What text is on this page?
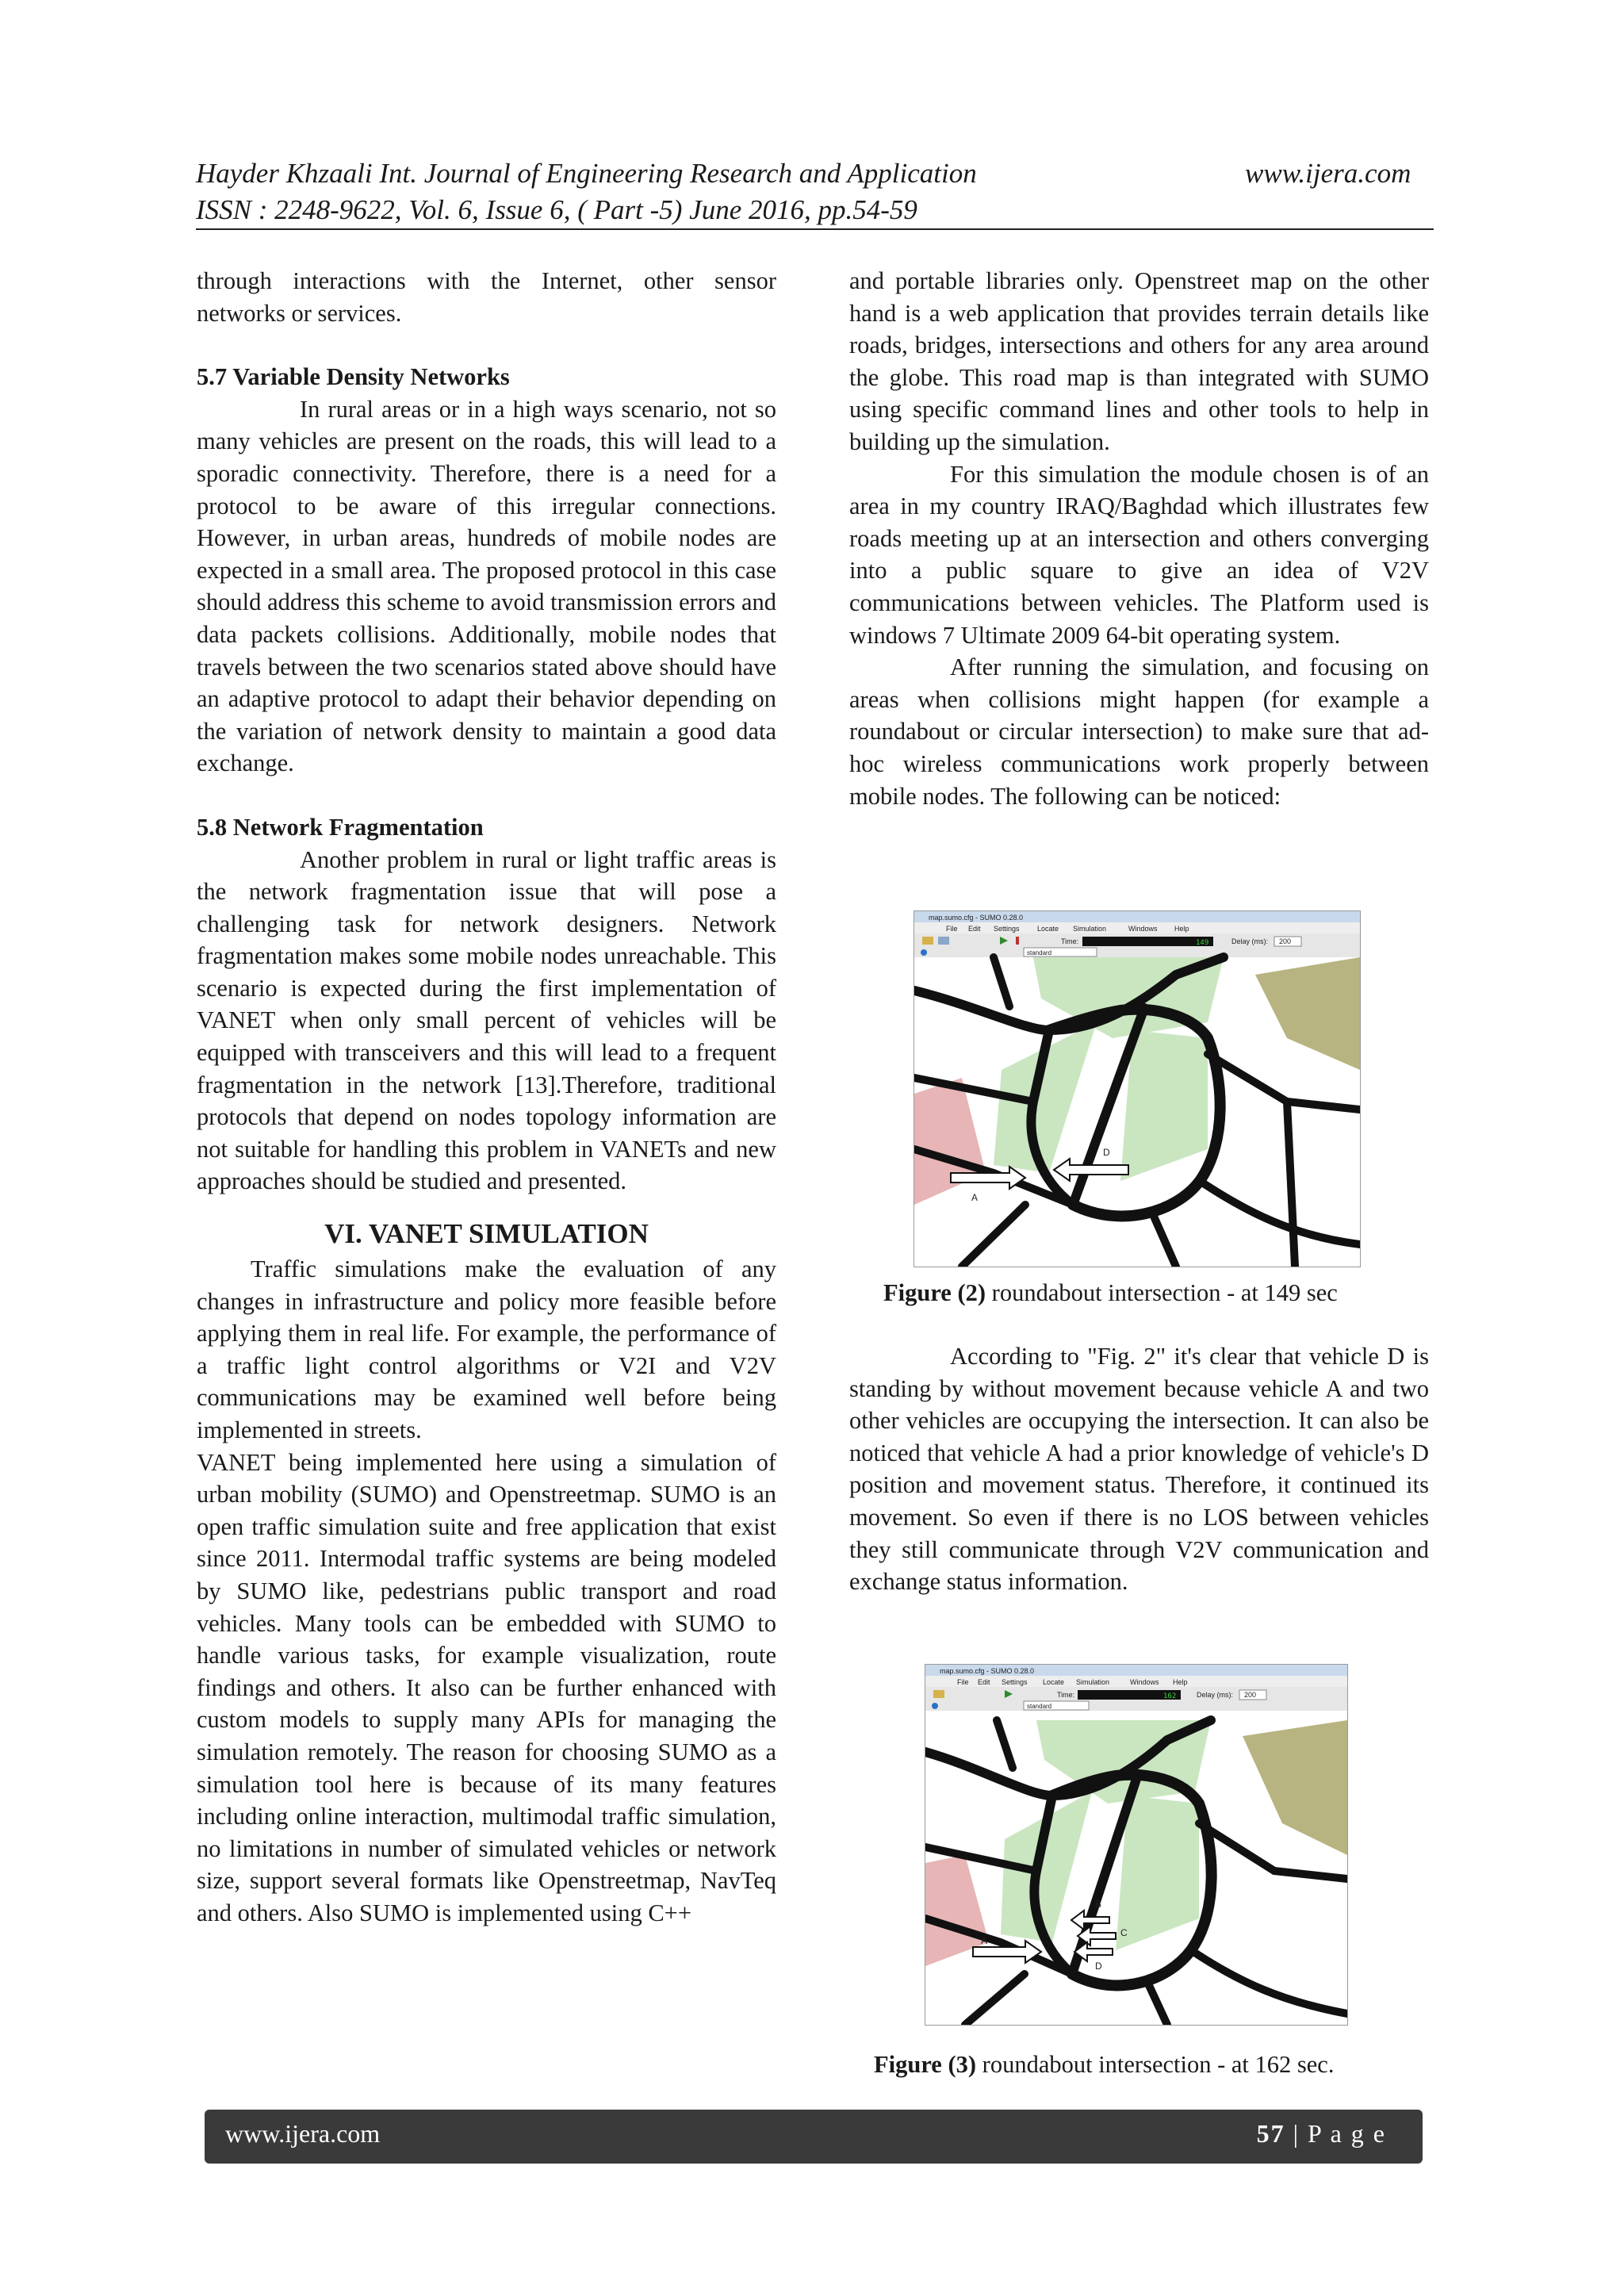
Hayder Khzaali Int. Journal of Engineering Research and Application	www.ijera.com
ISSN : 2248-9622, Vol. 6, Issue 6, ( Part -5) June 2016, pp.54-59

through interactions with the Internet, other sensor networks or services.

5.7 Variable Density Networks

In rural areas or in a high ways scenario, not so many vehicles are present on the roads, this will lead to a sporadic connectivity. Therefore, there is a need for a protocol to be aware of this irregular connections. However, in urban areas, hundreds of mobile nodes are expected in a small area. The proposed protocol in this case should address this scheme to avoid transmission errors and data packets collisions. Additionally, mobile nodes that travels between the two scenarios stated above should have an adaptive protocol to adapt their behavior depending on the variation of network density to maintain a good data exchange.

5.8 Network Fragmentation

Another problem in rural or light traffic areas is the network fragmentation issue that will pose a challenging task for network designers. Network fragmentation makes some mobile nodes unreachable. This scenario is expected during the first implementation of VANET when only small percent of vehicles will be equipped with transceivers and this will lead to a frequent fragmentation in the network [13].Therefore, traditional protocols that depend on nodes topology information are not suitable for handling this problem in VANETs and new approaches should be studied and presented.

VI. VANET SIMULATION

Traffic simulations make the evaluation of any changes in infrastructure and policy more feasible before applying them in real life. For example, the performance of a traffic light control algorithms or V2I and V2V communications may be examined well before being implemented in streets.

VANET being implemented here using a simulation of urban mobility (SUMO) and Openstreetmap. SUMO is an open traffic simulation suite and free application that exist since 2011. Intermodal traffic systems are being modeled by SUMO like, pedestrians public transport and road vehicles. Many tools can be embedded with SUMO to handle various tasks, for example visualization, route findings and others. It also can be further enhanced with custom models to supply many APIs for managing the simulation remotely. The reason for choosing SUMO as a simulation tool here is because of its many features including online interaction, multimodal traffic simulation, no limitations in number of simulated vehicles or network size, support several formats like Openstreetmap, NavTeq and others. Also SUMO is implemented using C++

and portable libraries only. Openstreet map on the other hand is a web application that provides terrain details like roads, bridges, intersections and others for any area around the globe. This road map is than integrated with SUMO using specific command lines and other tools to help in building up the simulation.

For this simulation the module chosen is of an area in my country IRAQ/Baghdad which illustrates few roads meeting up at an intersection and others converging into a public square to give an idea of V2V communications between vehicles. The Platform used is windows 7 Ultimate 2009 64-bit operating system.

After running the simulation, and focusing on areas when collisions might happen (for example a roundabout or circular intersection) to make sure that ad-hoc wireless communications work properly between mobile nodes. The following can be noticed:

map.sumo.cfg - SUMO 0.28.0
File Edit Settings Locate Simulation	Windows Help
Time:	149	Delay (ms): 200
standard
A
D
Figure (2) roundabout intersection - at 149 sec

According to "Fig. 2" it's clear that vehicle D is standing by without movement because vehicle A and two other vehicles are occupying the intersection. It can also be noticed that vehicle A had a prior knowledge of vehicle's D position and movement status. Therefore, it continued its movement. So even if there is no LOS between vehicles they still communicate through V2V communication and exchange status information.

map.sumo.cfg - SUMO 0.28.0
File Edit Settings Locate Simulation	Windows Help
Time:	162	Delay (ms): 200
standard
A
B
C
D
Figure (3) roundabout intersection - at 162 sec.
www.ijera.com	57 | P a g e
